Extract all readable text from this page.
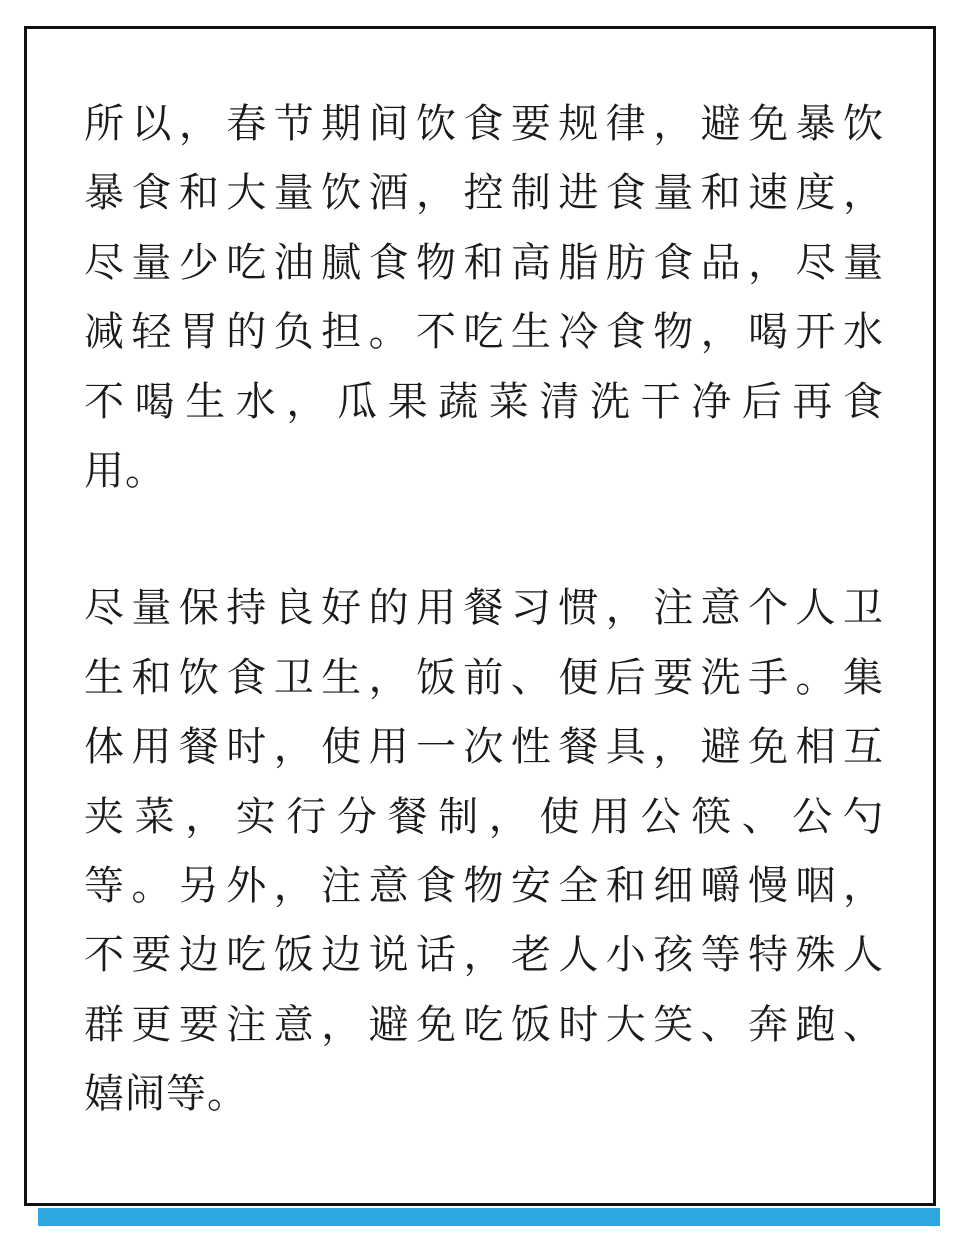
所以，春节期间饮食要规律，避免暴饮
暴食和大量饮酒，控制进食量和速度，
尽量少吃油腻食物和高脂肪食品，尽量
减轻胃的负担。不吃生冷食物，喝开水
不喝生水，瓜果蔬菜清洗干净后再食
用。
尽量保持良好的用餐习惯，注意个人卫
生和饮食卫生，饭前、便后要洗手。集
体用餐时，使用一次性餐具，避免相互
夹菜，实行分餐制，使用公筷、公勺
等。另外，注意食物安全和细嚼慢咽，
不要边吃饭边说话，老人小孩等特殊人
群更要注意，避免吃饭时大笑、奔跑、
嬉闹等。
